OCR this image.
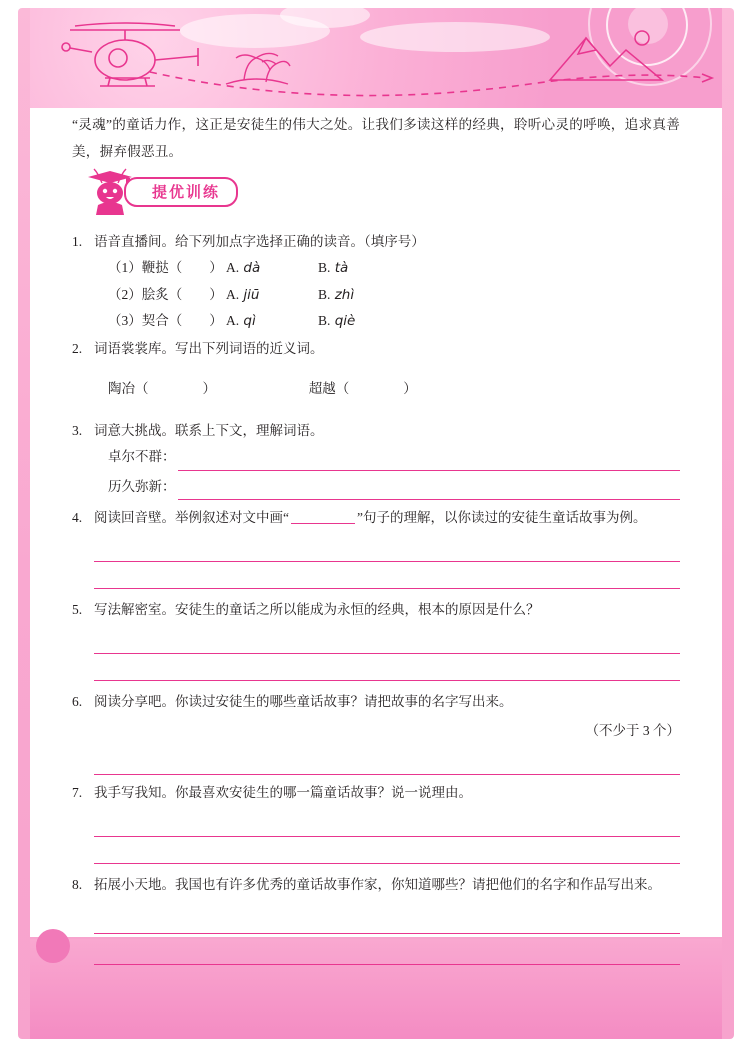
“灵魂”的童话力作，这正是安徒生的伟大之处。让我们多读这样的经典，聆听心灵的呼唤，追求真善美，摒弃假恶丑。

提优训练
1. 语音直播间。给下列加点字选择正确的读音。（填序号）

（1）鞭挞（　　） A. dà	B. tà

（2）脍炙（　　） A. jiū	B. zhì

（3）契合（　　） A. qì	B. qiè

2. 词语裳裳库。写出下列词语的近义词。

陶冶（　　　　）	超越（　　　　）

3. 词意大挑战。联系上下文，理解词语。

卓尔不群：
历久弥新：
4. 阅读回音壁。举例叙述对文中画“	”句子的理解，以你读过的安徒生童话故事为例。

5. 写法解密室。安徒生的童话之所以能成为永恒的经典，根本的原因是什么？

6. 阅读分享吧。你读过安徒生的哪些童话故事？请把故事的名字写出来。

（不少于 3 个）

7. 我手写我知。你最喜欢安徒生的哪一篇童话故事？说一说理由。

8. 拓展小天地。我国也有许多优秀的童话故事作家，你知道哪些？请把他们的名字和作品写出来。
